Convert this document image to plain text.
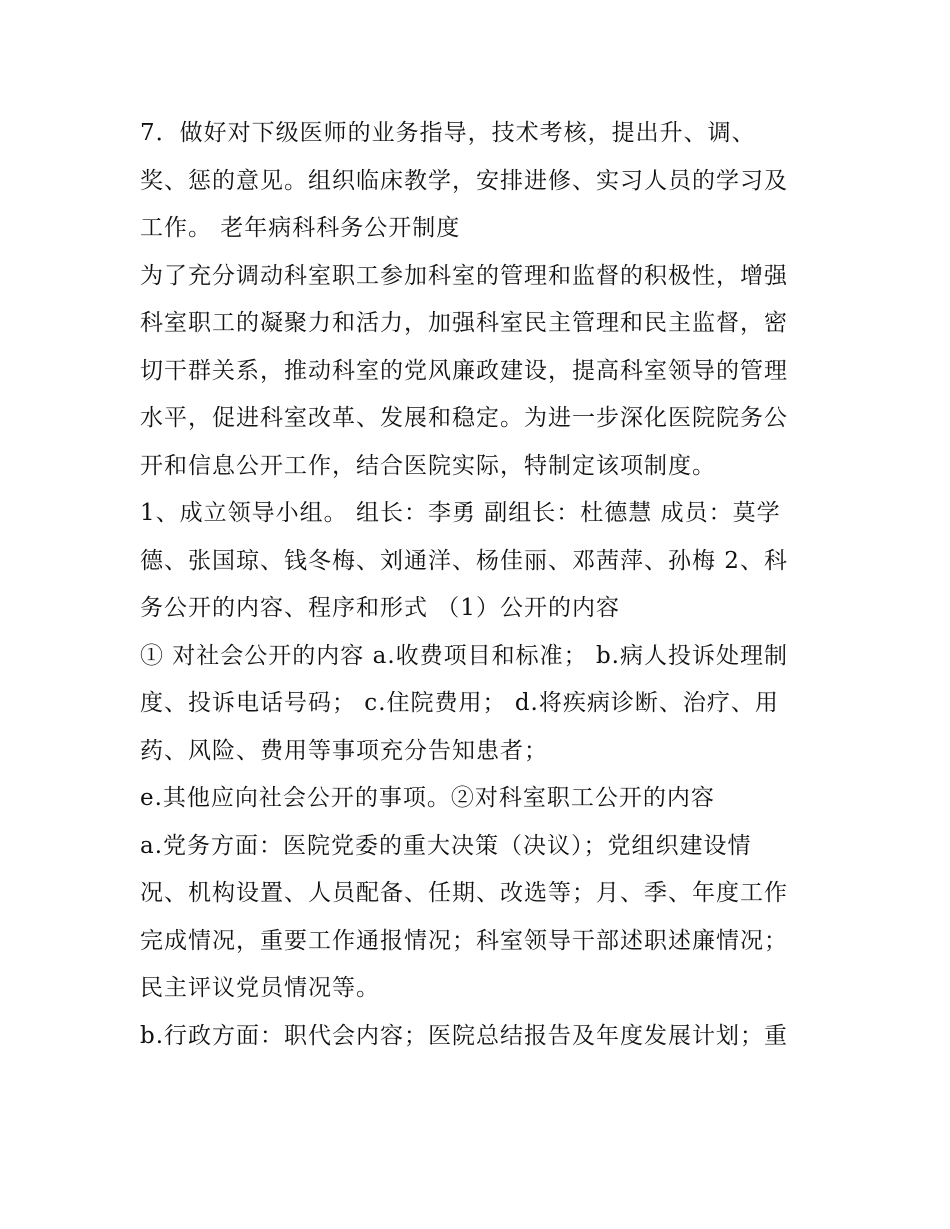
7．做好对下级医师的业务指导，技术考核，提出升、调、
奖、惩的意见。组织临床教学，安排进修、实习人员的学习及
工作。 老年病科科务公开制度
为了充分调动科室职工参加科室的管理和监督的积极性，增强
科室职工的凝聚力和活力，加强科室民主管理和民主监督，密
切干群关系，推动科室的党风廉政建设，提高科室领导的管理
水平，促进科室改革、发展和稳定。为进一步深化医院院务公
开和信息公开工作，结合医院实际，特制定该项制度。
1、成立领导小组。 组长：李勇 副组长：杜德慧 成员：莫学
德、张国琼、钱冬梅、刘通洋、杨佳丽、邓茜萍、孙梅 2、科
务公开的内容、程序和形式 （1）公开的内容
① 对社会公开的内容 a.收费项目和标准； b.病人投诉处理制
度、投诉电话号码； c.住院费用； d.将疾病诊断、治疗、用
药、风险、费用等事项充分告知患者；
e.其他应向社会公开的事项。②对科室职工公开的内容
a.党务方面：医院党委的重大决策（决议）；党组织建设情
况、机构设置、人员配备、任期、改选等；月、季、年度工作
完成情况，重要工作通报情况；科室领导干部述职述廉情况；
民主评议党员情况等。
b.行政方面：职代会内容；医院总结报告及年度发展计划；重
